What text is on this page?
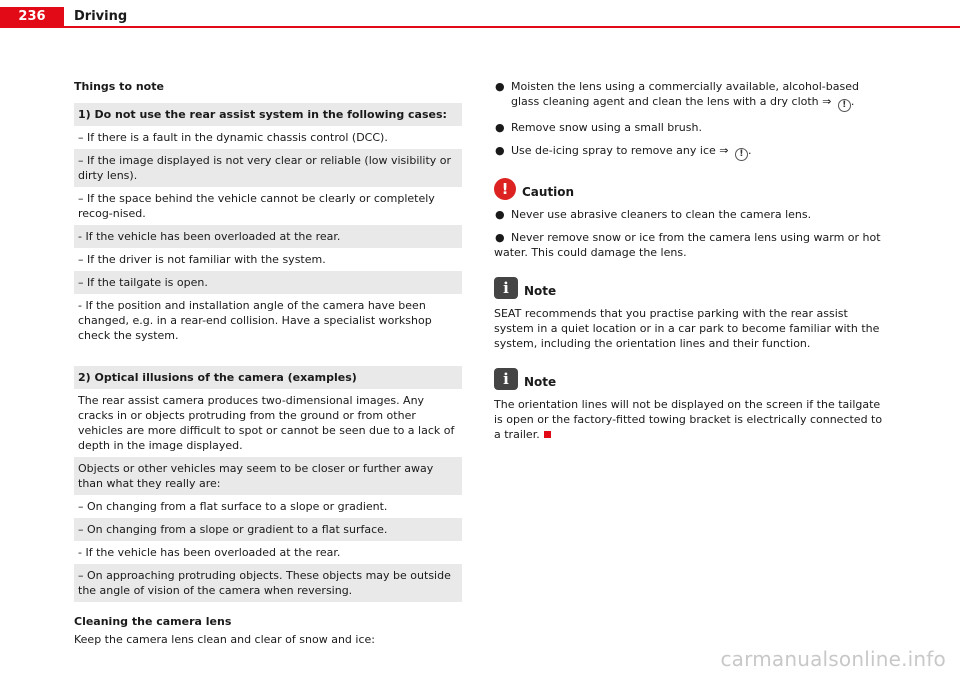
236	Driving
Things to note
1) Do not use the rear assist system in the following cases:
– If there is a fault in the dynamic chassis control (DCC).
– If the image displayed is not very clear or reliable (low visibility or dirty lens).
– If the space behind the vehicle cannot be clearly or completely recog-nised.
- If the vehicle has been overloaded at the rear.
– If the driver is not familiar with the system.
– If the tailgate is open.
- If the position and installation angle of the camera have been changed, e.g. in a rear-end collision. Have a specialist workshop check the system.
2) Optical illusions of the camera (examples)
The rear assist camera produces two-dimensional images. Any cracks in or objects protruding from the ground or from other vehicles are more difficult to spot or cannot be seen due to a lack of depth in the image displayed.
Objects or other vehicles may seem to be closer or further away than what they really are:
– On changing from a flat surface to a slope or gradient.
– On changing from a slope or gradient to a flat surface.
- If the vehicle has been overloaded at the rear.
– On approaching protruding objects. These objects may be outside the angle of vision of the camera when reversing.
Cleaning the camera lens
Keep the camera lens clean and clear of snow and ice:
● Moisten the lens using a commercially available, alcohol-based glass cleaning agent and clean the lens with a dry cloth ⇒ ! .
● Remove snow using a small brush.
● Use de-icing spray to remove any ice ⇒ ! .
!
Caution
● Never use abrasive cleaners to clean the camera lens.
● Never remove snow or ice from the camera lens using warm or hot water. This could damage the lens.
i
Note
SEAT recommends that you practise parking with the rear assist system in a quiet location or in a car park to become familiar with the system, including the orientation lines and their function.
i
Note
The orientation lines will not be displayed on the screen if the tailgate is open or the factory-fitted towing bracket is electrically connected to a trailer.
carmanualsonline.info
